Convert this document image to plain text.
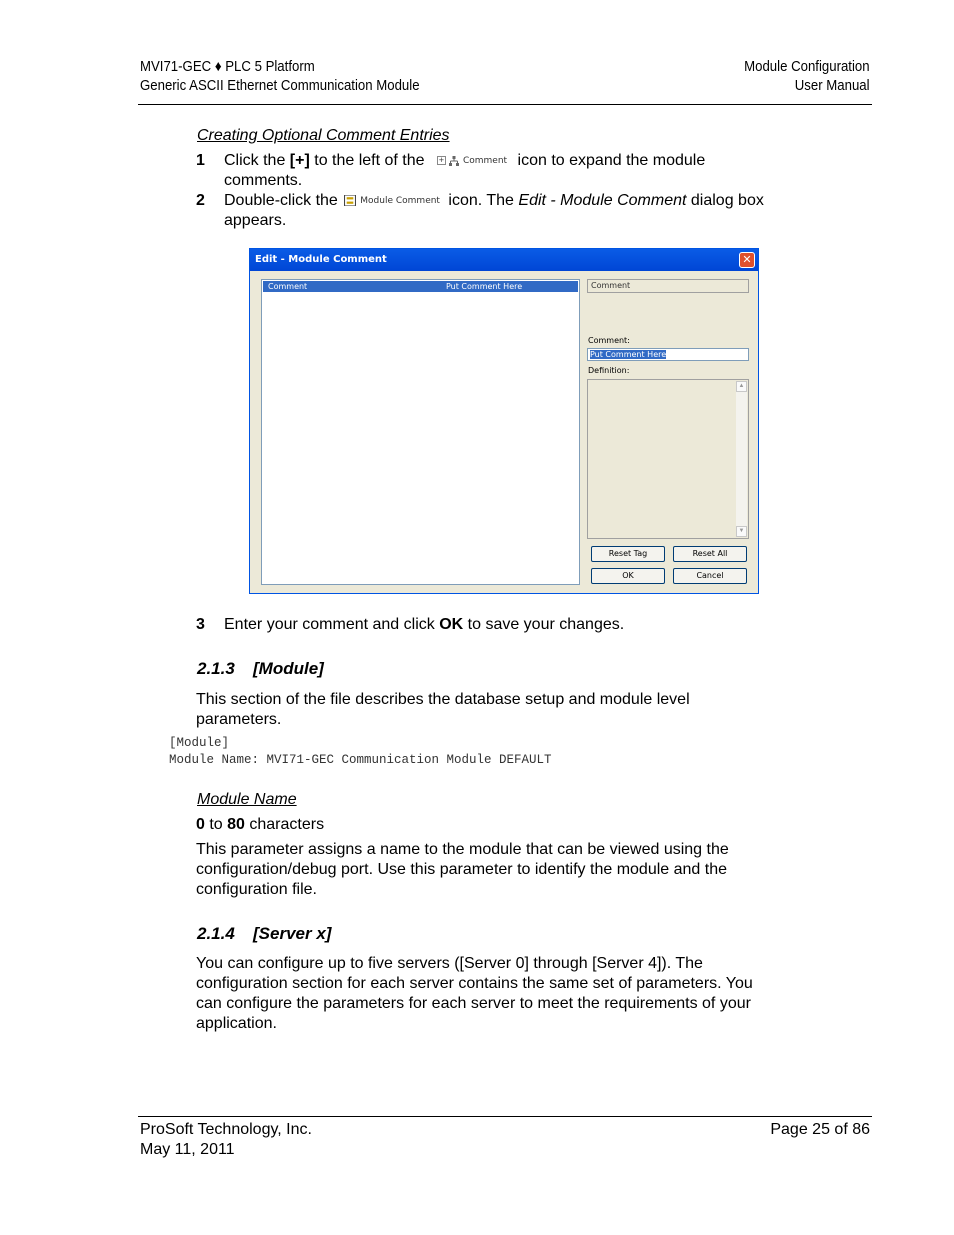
MVI71-GEC ♦ PLC 5 Platform
Generic ASCII Ethernet Communication Module
Module Configuration
User Manual
Creating Optional Comment Entries
1 Click the [+] to the left of the + Comment icon to expand the module
comments.
2 Double-click the Module Comment icon. The Edit - Module Comment dialog box
appears.
Edit - Module Comment	✕
Comment	Put Comment Here	Comment
Comment:
Put Comment Here
Definition:
▲
▼
Reset Tag	Reset All
OK	Cancel
3 Enter your comment and click OK to save your changes.
2.1.3 [Module]
This section of the file describes the database setup and module level
parameters.
[Module]
Module Name: MVI71-GEC Communication Module DEFAULT
Module Name
0 to 80 characters
This parameter assigns a name to the module that can be viewed using the
configuration/debug port. Use this parameter to identify the module and the
configuration file.
2.1.4 [Server x]
You can configure up to five servers ([Server 0] through [Server 4]). The
configuration section for each server contains the same set of parameters. You
can configure the parameters for each server to meet the requirements of your
application.
ProSoft Technology, Inc.
May 11, 2011
Page 25 of 86
